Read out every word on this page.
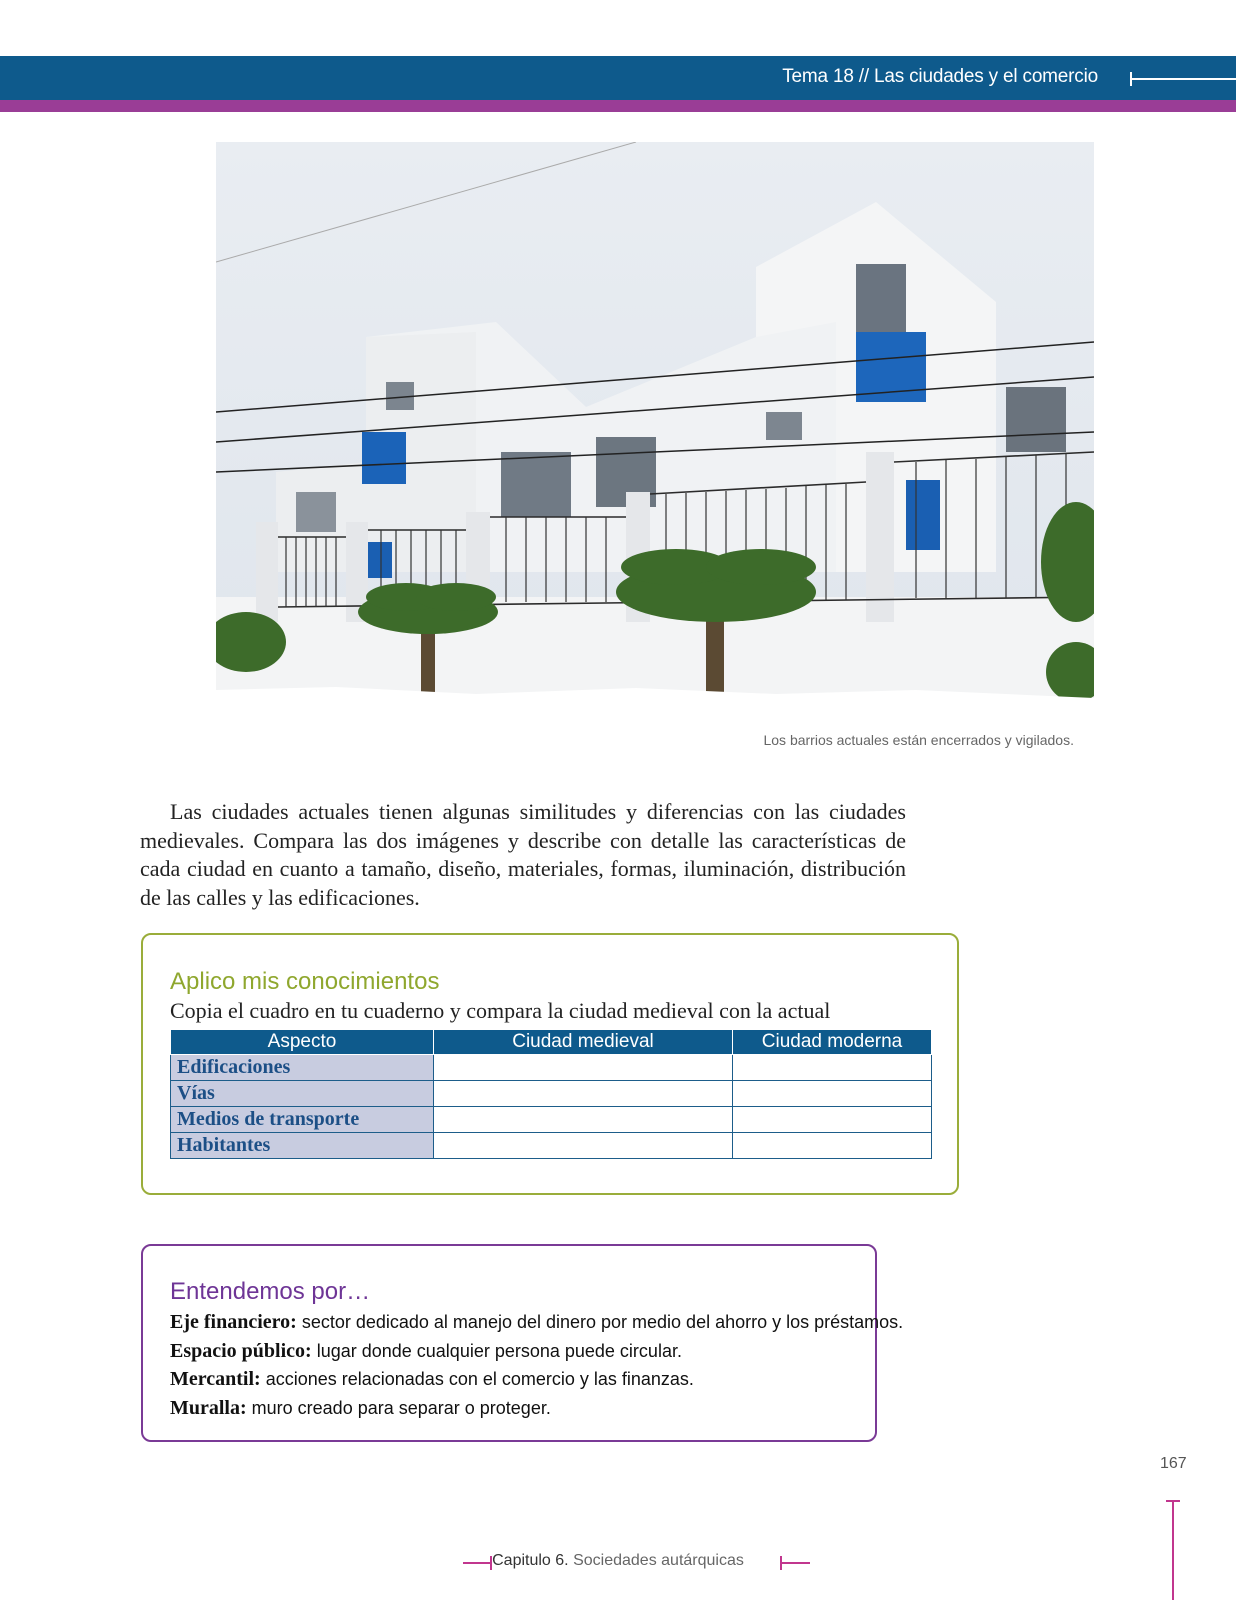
Tema 18 // Las ciudades y el comercio
Los barrios actuales están encerrados y vigilados.

Las ciudades actuales tienen algunas similitudes y diferencias con las ciudades medievales. Compara las dos imágenes y describe con detalle las características de cada ciudad en cuanto a tamaño, diseño, materiales, formas, iluminación, distribución de las calles y las edificaciones.

Aplico mis conocimientos
Copia el cuadro en tu cuaderno y compara la ciudad medieval con la actual
Aspecto	Ciudad medieval	Ciudad moderna
Edificaciones		
Vías		
Medios de transporte		
Habitantes		
Entendemos por…
Eje financiero: sector dedicado al manejo del dinero por medio del ahorro y los préstamos.
Espacio público: lugar donde cualquier persona puede circular.
Mercantil: acciones relacionadas con el comercio y las finanzas.
Muralla: muro creado para separar o proteger.
167
Capitulo 6. Sociedades autárquicas
